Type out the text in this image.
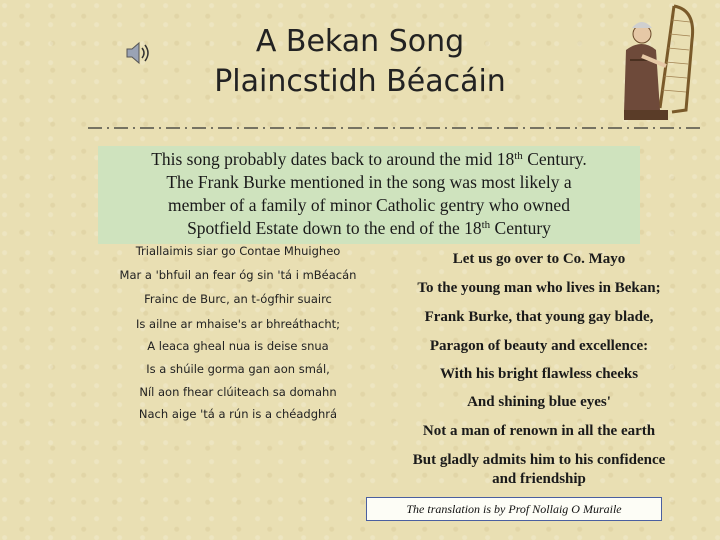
A Bekan Song
Plaincstidh Béacáin

This song probably dates back to around the mid 18th Century.

The Frank Burke mentioned in the song was most likely a

member of a family of minor Catholic gentry who owned

Spotfield Estate down to the end of the 18th Century

Triallaimis siar go Contae Mhuigheo
Mar a 'bhfuil an fear óg sin 'tá i mBéacán
Frainc de Burc, an t-ógfhir suairc
Is ailne ar mhaise's ar bhreáthacht;
A leaca gheal nua is deise snua
Is a shúile gorma gan aon smál,
Níl aon fhear clúiteach sa domahn
Nach aige 'tá a rún is a chéadghrá
Let us go over to Co. Mayo
To the young man who lives in Bekan;
Frank Burke, that young gay blade,
Paragon of beauty and excellence:
With his bright flawless cheeks
And shining blue eyes'
Not a man of renown in all the earth
But gladly admits him to his confidence
and friendship
The translation is by Prof Nollaig O Muraile
